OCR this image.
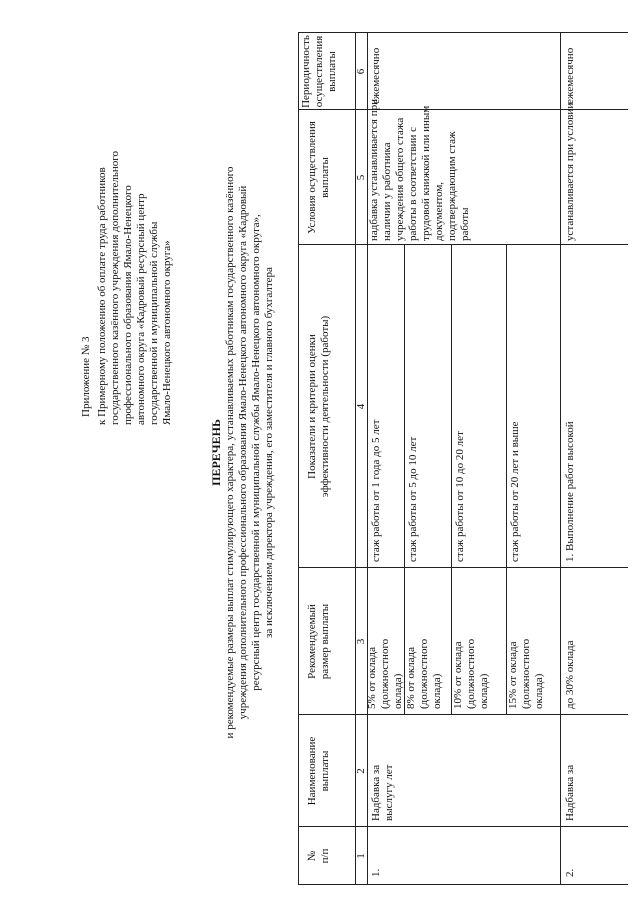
Приложение № 3 к Примерному положению об оплате труда работников государственного казённого учреждения дополнительного профессионального образования Ямало-Ненецкого автономного округа «Кадровый ресурсный центр государственной и муниципальной службы Ямало-Ненецкого автономного округа»
ПЕРЕЧЕНЬ и рекомендуемые размеры выплат стимулирующего характера, устанавливаемых работникам государственного казённого учреждения дополнительного профессионального образования Ямало-Ненецкого автономного округа «Кадровый ресурсный центр государственной и муниципальной службы Ямало-Ненецкого автономного округа», за исключением директора учреждения, его заместителя и главного бухгалтера
№
п/п
Наименование
выплаты
Рекомендуемый
размер выплаты
Показатели и критерии оценки
эффективности деятельности (работы)
Условия осуществления
выплаты
Периодичность
осуществления
выплаты
1
2
3
4
5
6
1.
Надбавка за
выслугу лет
5% от оклада
(должностного
оклада) 8% от оклада
(должностного
оклада) 10% от оклада
(должностного
оклада) 15% от оклада
(должностного
оклада)
стаж работы от 1 года до 5 лет стаж работы от 5 до 10 лет	стаж работы от 10 до 20 лет	стаж работы от 20 лет и выше
надбавка устанавливается при
наличии у работника
учреждения общего стажа
работы в соответствии с
трудовой книжкой или иным
документом,
подтверждающим стаж
работы
ежемесячно
2.
Надбавка за
до 30% оклада
1. Выполнение работ высокой
устанавливается при условии
ежемесячно
